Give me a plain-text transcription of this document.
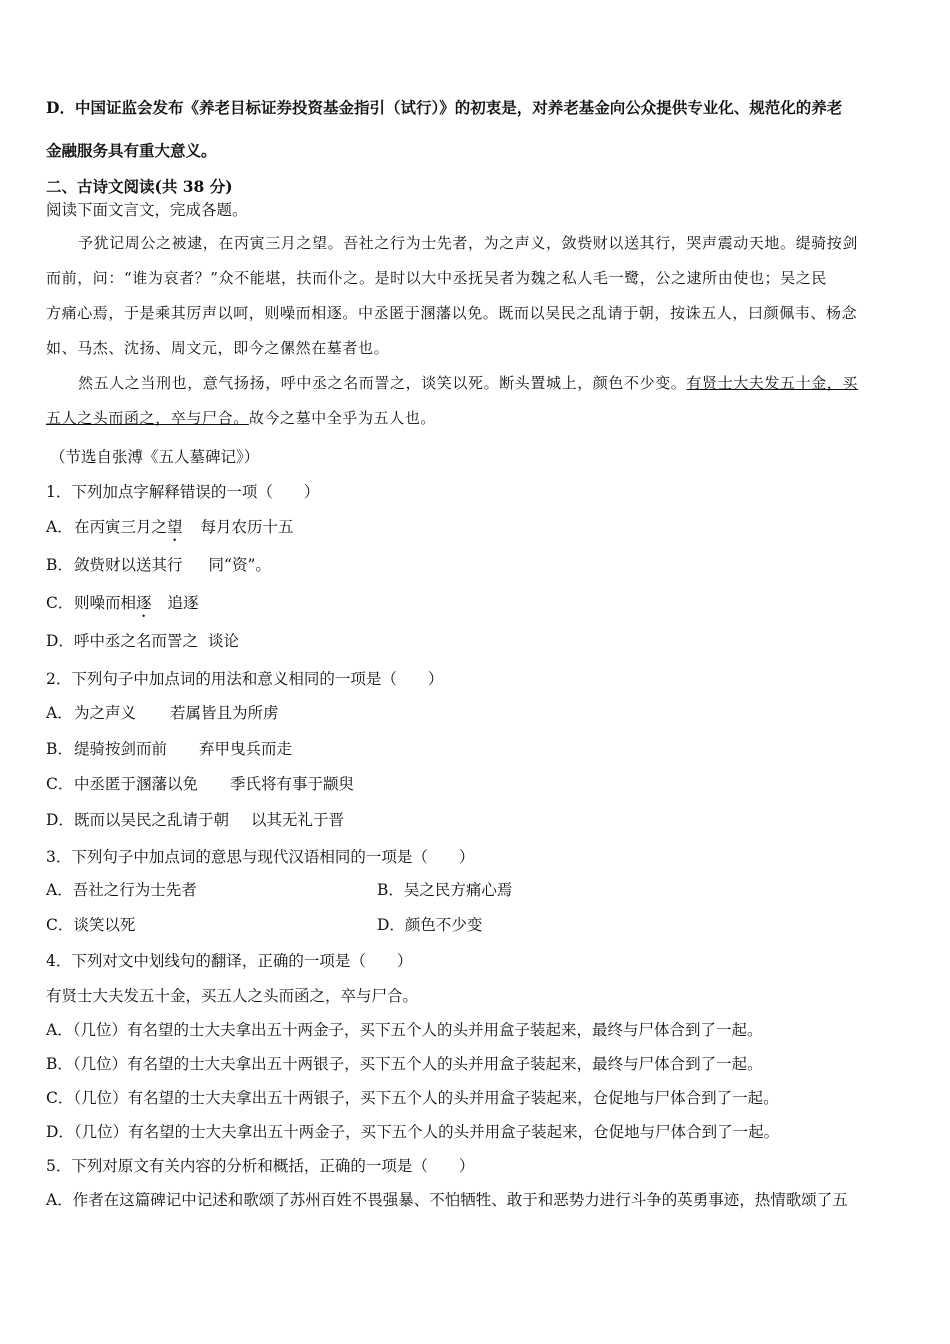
D．中国证监会发布《养老目标证券投资基金指引（试行）》的初衷是，对养老基金向公众提供专业化、规范化的养老
金融服务具有重大意义。
二、古诗文阅读(共 38 分)
阅读下面文言文，完成各题。
予犹记周公之被逮，在丙寅三月之望。吾社之行为士先者，为之声义，敛赀财以送其行，哭声震动天地。缇骑按剑
而前，问：“谁为哀者？”众不能堪，扶而仆之。是时以大中丞抚吴者为魏之私人毛一鹭，公之逮所由使也；吴之民
方痛心焉，于是乘其厉声以呵，则噪而相逐。中丞匿于溷藩以免。既而以吴民之乱请于朝，按诛五人，曰颜佩韦、杨念
如、马杰、沈扬、周文元，即今之傫然在墓者也。
然五人之当刑也，意气扬扬，呼中丞之名而詈之，谈笑以死。断头置城上，颜色不少变。有贤士大夫发五十金，买
五人之头而函之，卒与尸合。故今之墓中全乎为五人也。
（节选自张溥《五人墓碑记》）
1．下列加点字解释错误的一项（　　）
A． 在丙寅三月之 望 每月农历十五
B． 敛赀财以送其行 同“资”。
C． 则噪而相 逐 追逐
D． 呼中丞之名而詈之 谈论
2．下列句子中加点词的用法和意义相同的一项是（　　）
A． 为之声义 若属皆且为所虏
B． 缇骑按剑而前 弃甲曳兵而走
C． 中丞匿于溷藩以免 季氏将有事于颛臾
D． 既而以吴民之乱请于朝 以其无礼于晋
3．下列句子中加点词的意思与现代汉语相同的一项是（　　）
A．吾社之行为士先者	B．吴之民方痛心焉
C．谈笑以死	D．颜色不少变
4．下列对文中划线句的翻译，正确的一项是（　　）
有贤士大夫发五十金，买五人之头而函之，卒与尸合。
A．（几位）有名望的士大夫拿出五十两金子，买下五个人的头并用盒子装起来，最终与尸体合到了一起。
B．（几位）有名望的士大夫拿出五十两银子，买下五个人的头并用盒子装起来，最终与尸体合到了一起。
C．（几位）有名望的士大夫拿出五十两银子，买下五个人的头并用盒子装起来，仓促地与尸体合到了一起。
D．（几位）有名望的士大夫拿出五十两金子，买下五个人的头并用盒子装起来，仓促地与尸体合到了一起。
5．下列对原文有关内容的分析和概括，正确的一项是（　　）
A．作者在这篇碑记中记述和歌颂了苏州百姓不畏强暴、不怕牺牲、敢于和恶势力进行斗争的英勇事迹，热情歌颂了五
